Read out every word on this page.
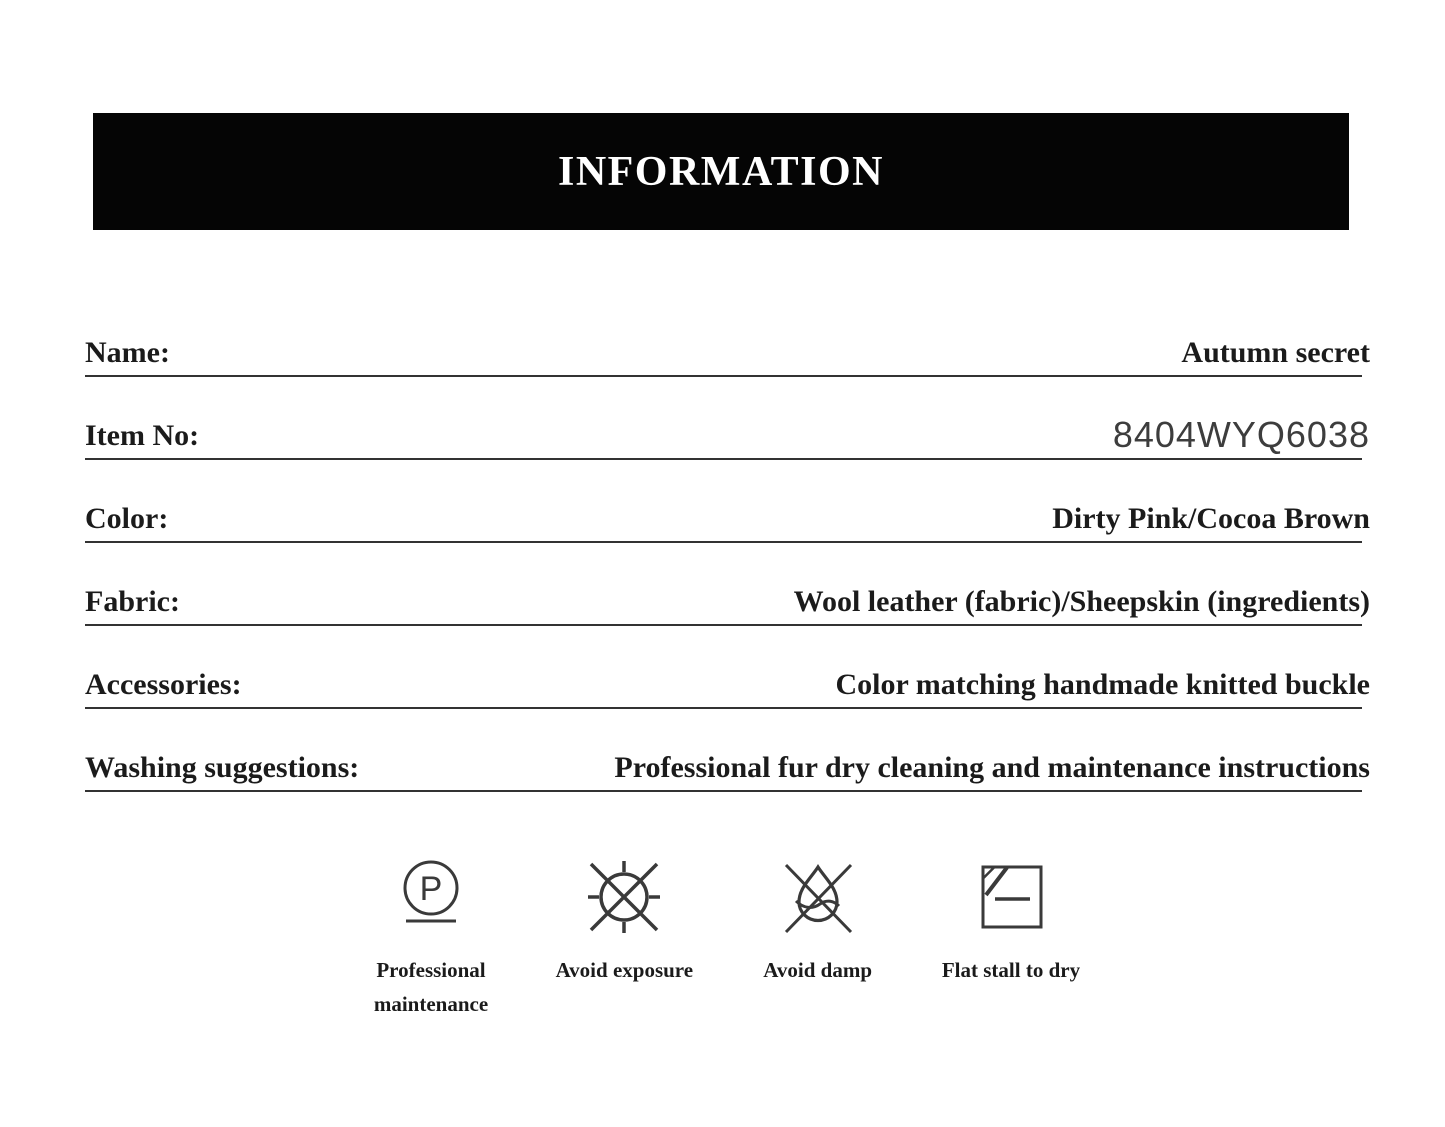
INFORMATION
Name:	Autumn secret
Item No:	8404WYQ6038
Color:	Dirty Pink/Cocoa Brown
Fabric:	Wool leather (fabric)/Sheepskin (ingredients)
Accessories:	Color matching handmade knitted buckle
Washing suggestions:	Professional fur dry cleaning and maintenance instructions
P
Professional maintenance
Avoid exposure	Avoid damp	Flat stall to dry
